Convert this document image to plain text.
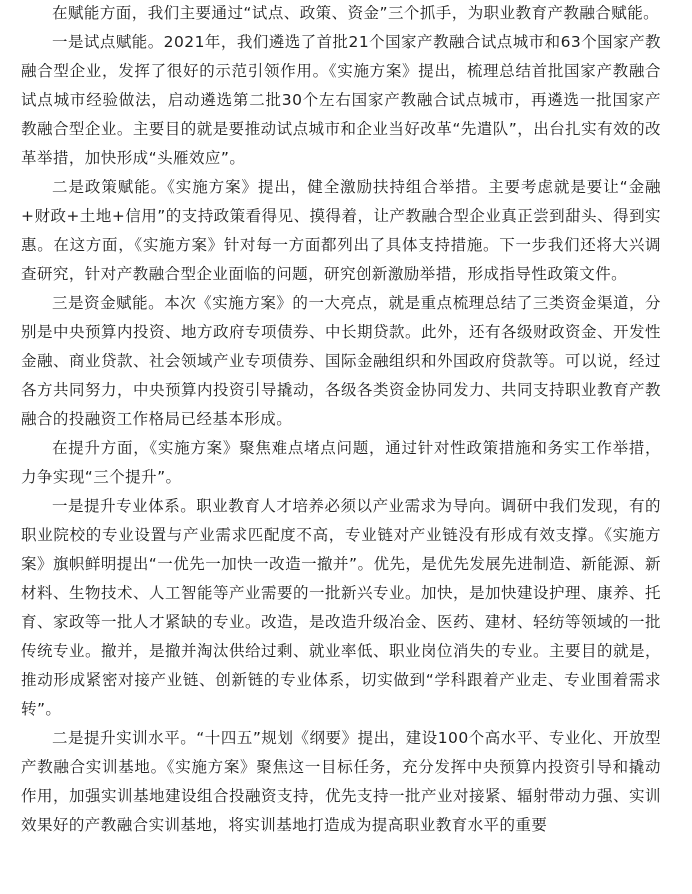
在赋能方面，我们主要通过“试点、政策、资金”三个抓手，为职业教育产教融合赋能。

一是试点赋能。2021年，我们遴选了首批21个国家产教融合试点城市和63个国家产教融合型企业，发挥了很好的示范引领作用。《实施方案》提出，梳理总结首批国家产教融合试点城市经验做法，启动遴选第二批30个左右国家产教融合试点城市，再遴选一批国家产教融合型企业。主要目的就是要推动试点城市和企业当好改革“先遣队”，出台扎实有效的改革举措，加快形成“头雁效应”。

二是政策赋能。《实施方案》提出，健全激励扶持组合举措。主要考虑就是要让“金融+财政+土地+信用”的支持政策看得见、摸得着，让产教融合型企业真正尝到甜头、得到实惠。在这方面，《实施方案》针对每一方面都列出了具体支持措施。下一步我们还将大兴调查研究，针对产教融合型企业面临的问题，研究创新激励举措，形成指导性政策文件。

三是资金赋能。本次《实施方案》的一大亮点，就是重点梳理总结了三类资金渠道，分别是中央预算内投资、地方政府专项债券、中长期贷款。此外，还有各级财政资金、开发性金融、商业贷款、社会领域产业专项债券、国际金融组织和外国政府贷款等。可以说，经过各方共同努力，中央预算内投资引导撬动，各级各类资金协同发力、共同支持职业教育产教融合的投融资工作格局已经基本形成。

在提升方面，《实施方案》聚焦难点堵点问题，通过针对性政策措施和务实工作举措，力争实现“三个提升”。

一是提升专业体系。职业教育人才培养必须以产业需求为导向。调研中我们发现，有的职业院校的专业设置与产业需求匹配度不高，专业链对产业链没有形成有效支撑。《实施方案》旗帜鲜明提出“一优先一加快一改造一撤并”。优先，是优先发展先进制造、新能源、新材料、生物技术、人工智能等产业需要的一批新兴专业。加快，是加快建设护理、康养、托育、家政等一批人才紧缺的专业。改造，是改造升级冶金、医药、建材、轻纺等领域的一批传统专业。撤并，是撤并淘汰供给过剩、就业率低、职业岗位消失的专业。主要目的就是，推动形成紧密对接产业链、创新链的专业体系，切实做到“学科跟着产业走、专业围着需求转”。

二是提升实训水平。“十四五”规划《纲要》提出，建设100个高水平、专业化、开放型产教融合实训基地。《实施方案》聚焦这一目标任务，充分发挥中央预算内投资引导和撬动作用，加强实训基地建设组合投融资支持，优先支持一批产业对接紧、辐射带动力强、实训效果好的产教融合实训基地，将实训基地打造成为提高职业教育水平的重要
